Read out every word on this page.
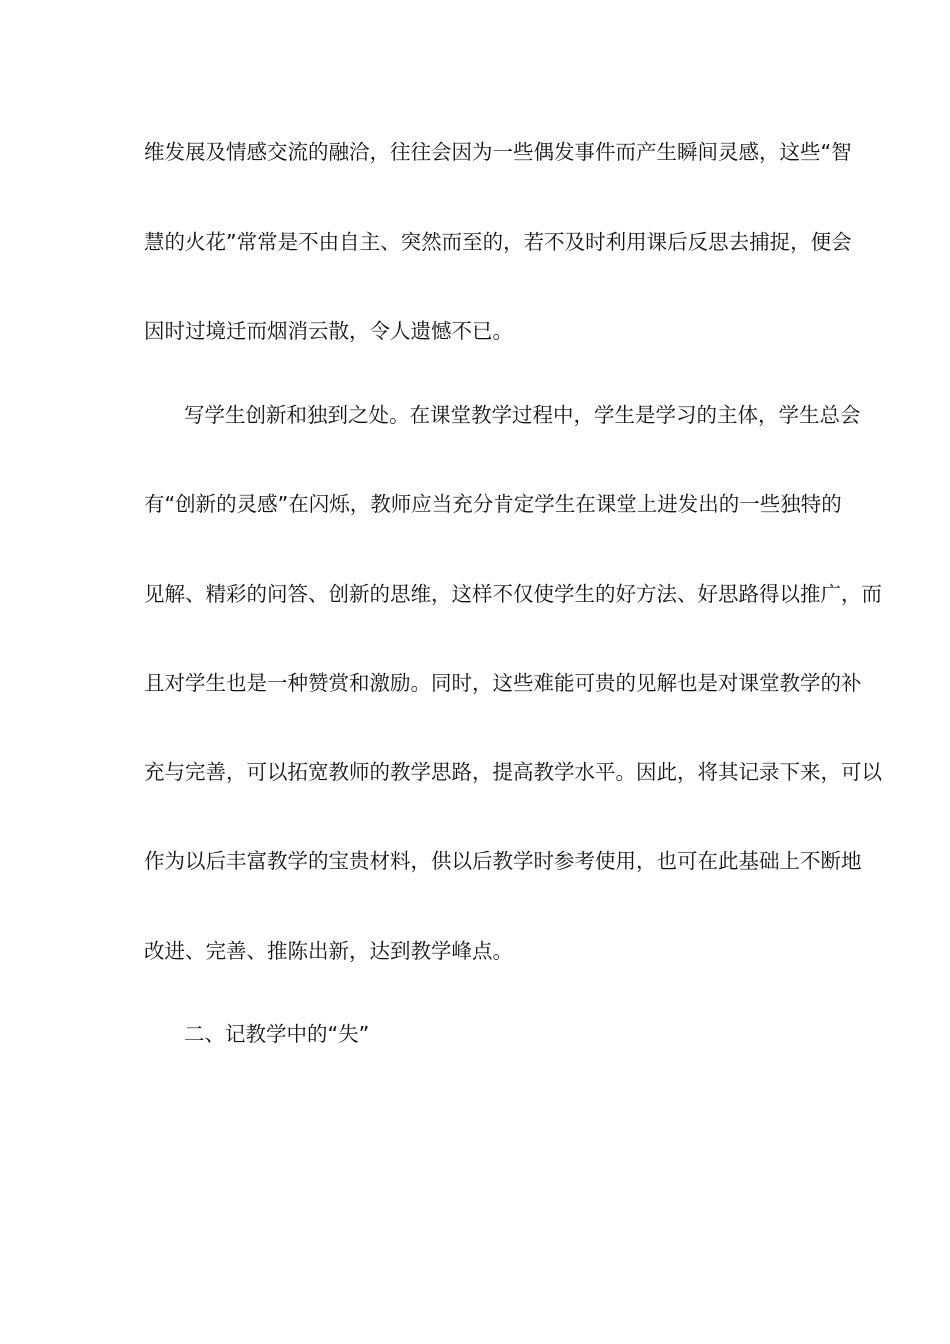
维发展及情感交流的融洽，往往会因为一些偶发事件而产生瞬间灵感，这些“智
慧的火花”常常是不由自主、突然而至的，若不及时利用课后反思去捕捉，便会
因时过境迁而烟消云散，令人遗憾不已。
写学生创新和独到之处。在课堂教学过程中，学生是学习的主体，学生总会
有“创新的灵感”在闪烁，教师应当充分肯定学生在课堂上进发出的一些独特的
见解、精彩的问答、创新的思维，这样不仅使学生的好方法、好思路得以推广，而
且对学生也是一种赞赏和激励。同时，这些难能可贵的见解也是对课堂教学的补
充与完善，可以拓宽教师的教学思路，提高教学水平。因此，将其记录下来，可以
作为以后丰富教学的宝贵材料，供以后教学时参考使用，也可在此基础上不断地
改进、完善、推陈出新，达到教学峰点。
二、记教学中的“失”
